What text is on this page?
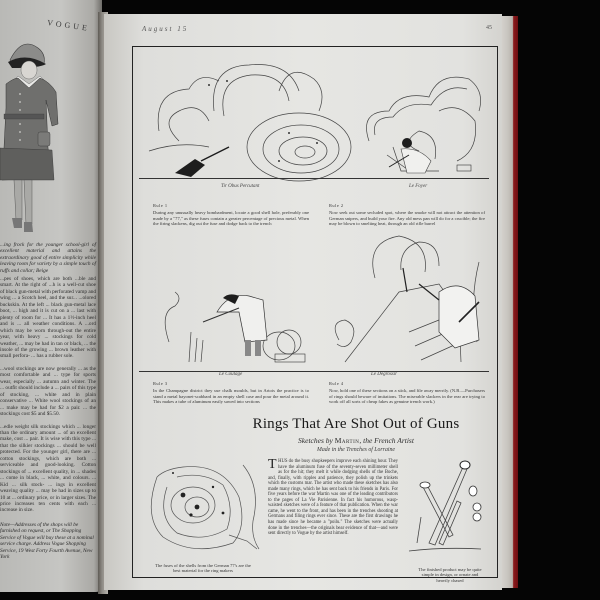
VOGUE
...ing frock for the younger school-girl of excellent material and attains the extraordinary good of entire simplicity while leaving room for variety by a simple touch of ruffs and collar; Beige

...pes of shoes, which are both ...ble and smart. At the right of ...h is a well-cut shoe of black gun-metal with perforated vamp and wing ... a Scotch heel, and the sur... ...olored buckskin. At the left ... black gun-metal lace boot, ... high and it is cut on a ... last with plenty of room for ... It has a 1½-inch heel and is ... all weather conditions. A ...ord which may be worn through-out the entire year, with heavy ... stockings for cold weather, ... may be had in tan or black, ... the insole of the growing ... brown leather with small perfora- ... has a rubber sole.

...wool stockings are now generally ... as the most comfortable and ... type for sports wear, especially ... autumn and winter. The ... outfit should include a ... pairs of this type of stocking, ... white and in plain conservative ... White wool stockings of an ... make may be had for $2 a pair. ... the stockings cost $5 and $5.50.

...edle weight silk stockings which ... longer than the ordinary amount ... of an excellent make, cost ... pair. It is wise with this type ... that the silkier stockings ... should be well protected. For the younger girl, there are ... cotton stockings, which are both ... serviceable and good-looking. Cotton stockings of ... excellent quality, in ... shades ... come in black, ... white, and colours. ... Kid ... silk stock- ... ings in excellent weaving quality ... may be had in sizes up to 10 at ... ordinary price, or in larger sizes. The price increases ten cents with each ... increase in size.

Note—Addresses of the shops will be furnished on request, or The Shopping Service of Vogue will buy these at a nominal service charge. Address Vogue Shopping Service, 19 West Forty Fourth Avenue, New York
August 15	45
Tir Obus Percutant	Le Foyer
Rule 1
During any unusually heavy bombardment, locate a good shell hole, preferably one made by a "77," as these fuses contain a greater percentage of precious metal. When the firing slackens, dig out the fuse and dodge back to the trench
Rule 2
Now seek out some secluded spot, where the smoke will not attract the attention of German snipers, and build your fire. Any old mess pan will do for a crucible; the fire may be blown to smelting heat, through an old rifle barrel
Le Coulage	Le Dégrossir
Rule 3
In the Champagne district they use chalk moulds, but in Artois the practice is to stand a metal bayonet-scabbard in an empty shell case and pour the metal around it. This makes a tube of aluminum easily sawed into sections
Rule 4
Now, hold one of these sections on a stick, and file away merrily. (N.B.—Purchasers of rings should beware of imitations. The miserable slackers in the rear are trying to work off all sorts of cheap fakes as genuine trench work.)
Rings That Are Shot Out of Guns
Sketches by Martin, the French Artist
Made in the Trenches of Lorraine
THUS do the busy shopkeepers improve each shining hour. They have the aluminum fuse of the seventy-seven millimeter shell as for the hit; they melt it while dodging shells of the Boche, and, finally, with ripples and patience, they polish up the trinkets which the customs mar. The artist who made these sketches has also made many rings, which he has sent back to his friends in Paris. For five years before the war Martin was one of the leading contributors to the pages of La Vie Parisienne. In fact his humorous, wasp-waisted sketches were of a feature of that publication. When the war came, he went to the front, and has been in the trenches shooting at Germans and filing rings ever since. These are the first drawings he has made since he became a "poilu." The sketches were actually done in the trenches—the originals bear evidence of that—and were sent directly to Vogue by the artist himself.
The fuses of the shells from the German 77's are the best material for the ring makers	The finished product may be quite simple in design, or ornate and heavily chased
